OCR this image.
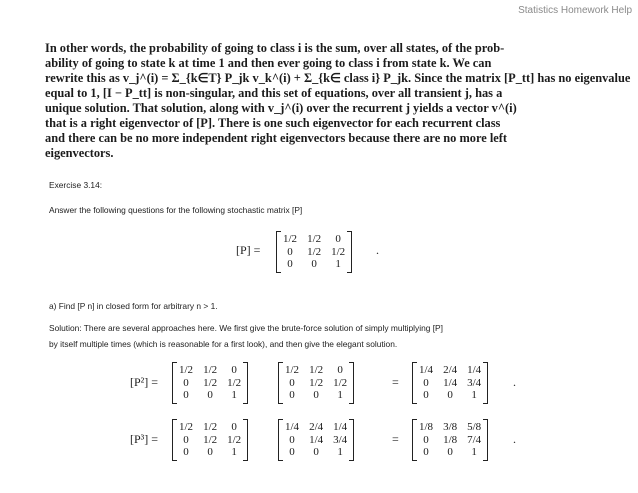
Statistics Homework Help
In other words, the probability of going to class i is the sum, over all states, of the prob-
ability of going to state k at time 1 and then ever going to class i from state k. We can
rewrite this as v_j^(i) = Σ_{k∈T} P_jk v_k^(i) + Σ_{k∈ class i} P_jk. Since the matrix [P_tt] has no eigenvalue
equal to 1, [I − P_tt] is non-singular, and this set of equations, over all transient j, has a
unique solution. That solution, along with v_j^(i) over the recurrent j yields a vector v^(i)
that is a right eigenvector of [P]. There is one such eigenvector for each recurrent class
and there can be no more independent right eigenvectors because there are no more left
eigenvectors.
Exercise 3.14:
Answer the following questions for the following stochastic matrix [P]
[P] =
1/2	1/2	0
0	1/2	1/2
0	0	1
.
a) Find [P n] in closed form for arbitrary n > 1.
Solution: There are several approaches here. We first give the brute-force solution of simply multiplying [P]
by itself multiple times (which is reasonable for a first look), and then give the elegant solution.
[P²] =
1/2	1/2	0
0	1/2	1/2
0	0	1
1/2	1/2	0
0	1/2	1/2
0	0	1
=
1/4	2/4	1/4
0	1/4	3/4
0	0	1
.
[P³] =
1/2	1/2	0
0	1/2	1/2
0	0	1
1/4	2/4	1/4
0	1/4	3/4
0	0	1
=
1/8	3/8	5/8
0	1/8	7/4
0	0	1
.
